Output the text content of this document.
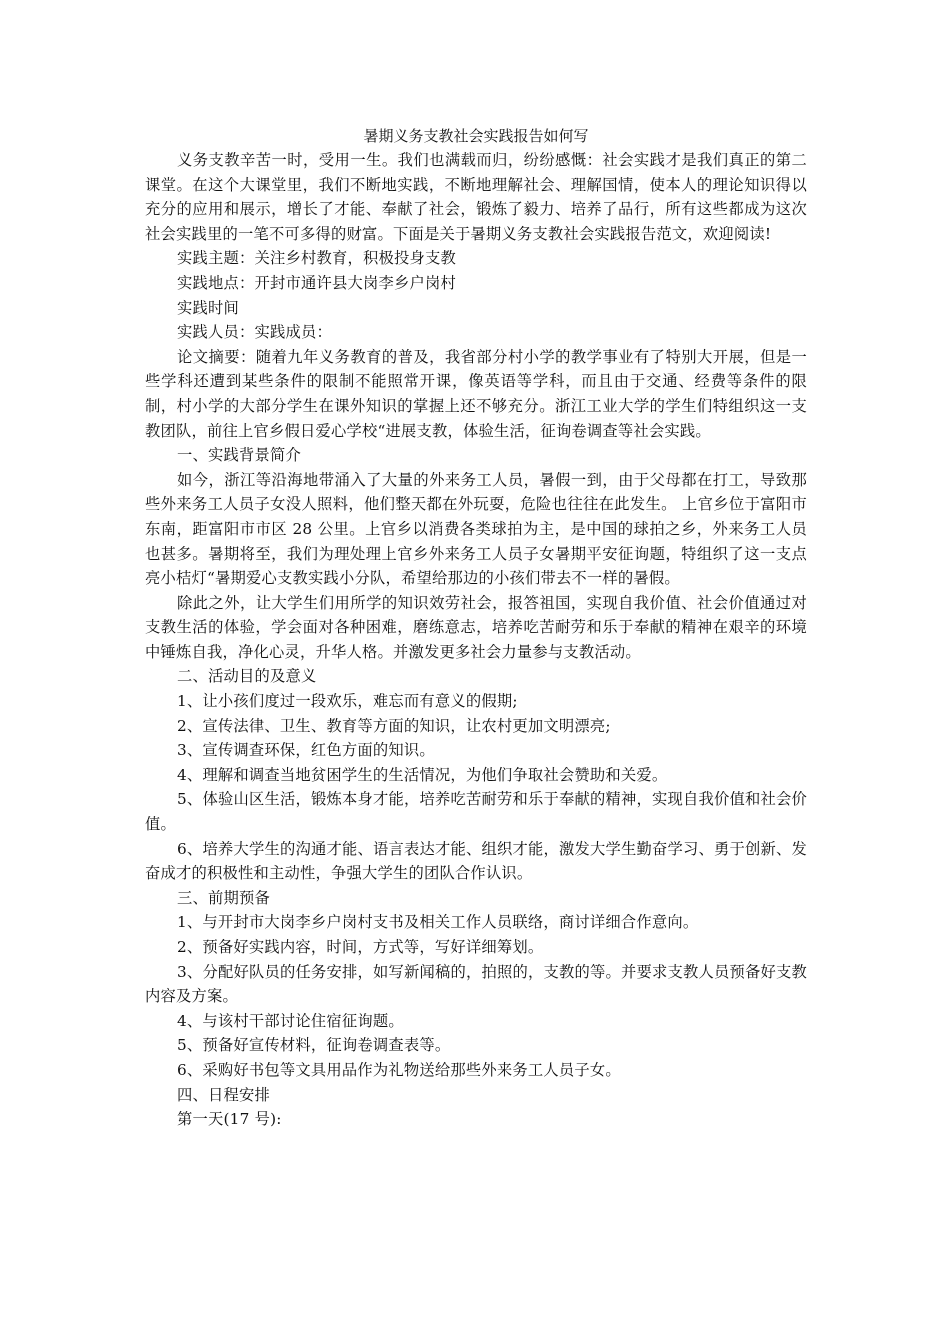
暑期义务支教社会实践报告如何写

义务支教辛苦一时，受用一生。我们也满载而归，纷纷感慨：社会实践才是我们真正的第二课堂。在这个大课堂里，我们不断地实践，不断地理解社会、理解国情，使本人的理论知识得以充分的应用和展示，增长了才能、奉献了社会，锻炼了毅力、培养了品行，所有这些都成为这次社会实践里的一笔不可多得的财富。下面是关于暑期义务支教社会实践报告范文，欢迎阅读!

实践主题：关注乡村教育，积极投身支教

实践地点：开封市通许县大岗李乡户岗村

实践时间

实践人员：实践成员：

论文摘要：随着九年义务教育的普及，我省部分村小学的教学事业有了特别大开展，但是一些学科还遭到某些条件的限制不能照常开课，像英语等学科，而且由于交通、经费等条件的限制，村小学的大部分学生在课外知识的掌握上还不够充分。浙江工业大学的学生们特组织这一支教团队，前往上官乡假日爱心学校“进展支教，体验生活，征询卷调查等社会实践。

一、实践背景简介

如今，浙江等沿海地带涌入了大量的外来务工人员，暑假一到，由于父母都在打工，导致那些外来务工人员子女没人照料，他们整天都在外玩耍，危险也往往在此发生。 上官乡位于富阳市东南，距富阳市市区 28 公里。上官乡以消费各类球拍为主，是中国的球拍之乡，外来务工人员也甚多。暑期将至，我们为理处理上官乡外来务工人员子女暑期平安征询题，特组织了这一支点亮小桔灯“暑期爱心支教实践小分队，希望给那边的小孩们带去不一样的暑假。

除此之外，让大学生们用所学的知识效劳社会，报答祖国，实现自我价值、社会价值通过对支教生活的体验，学会面对各种困难，磨练意志，培养吃苦耐劳和乐于奉献的精神在艰辛的环境中锤炼自我，净化心灵，升华人格。并激发更多社会力量参与支教活动。

二、活动目的及意义

1、让小孩们度过一段欢乐，难忘而有意义的假期;

2、宣传法律、卫生、教育等方面的知识，让农村更加文明漂亮;

3、宣传调查环保，红色方面的知识。

4、理解和调查当地贫困学生的生活情况，为他们争取社会赞助和关爱。

5、体验山区生活，锻炼本身才能，培养吃苦耐劳和乐于奉献的精神，实现自我价值和社会价值。

6、培养大学生的沟通才能、语言表达才能、组织才能，激发大学生勤奋学习、勇于创新、发奋成才的积极性和主动性，争强大学生的团队合作认识。

三、前期预备

1、与开封市大岗李乡户岗村支书及相关工作人员联络，商讨详细合作意向。

2、预备好实践内容，时间，方式等，写好详细筹划。

3、分配好队员的任务安排，如写新闻稿的，拍照的，支教的等。并要求支教人员预备好支教内容及方案。

4、与该村干部讨论住宿征询题。

5、预备好宣传材料，征询卷调查表等。

6、采购好书包等文具用品作为礼物送给那些外来务工人员子女。

四、日程安排

第一天(17 号):
